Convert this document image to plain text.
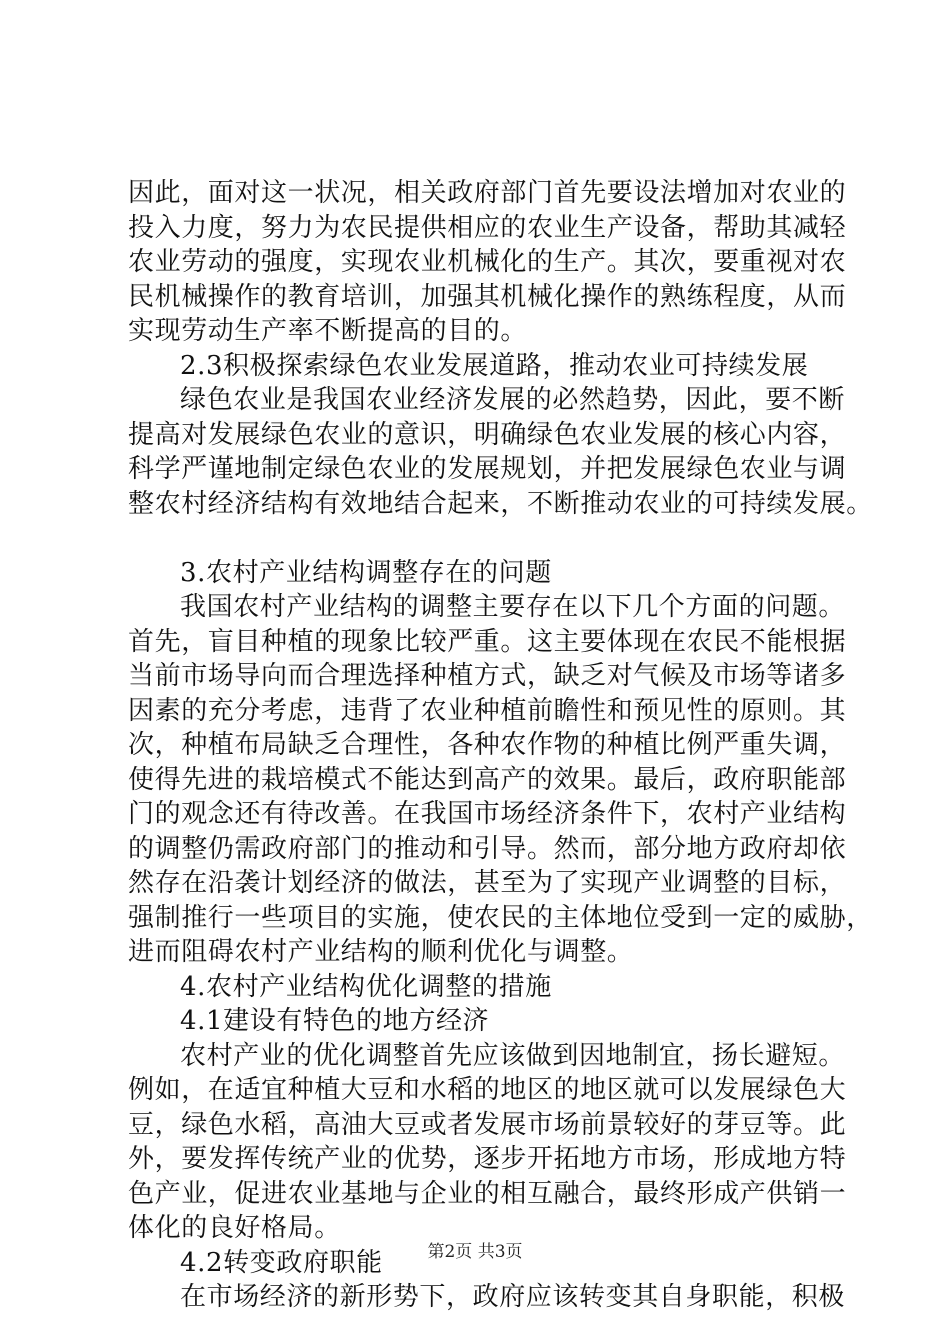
因此，面对这一状况，相关政府部门首先要设法增加对农业的
投入力度，努力为农民提供相应的农业生产设备，帮助其减轻
农业劳动的强度，实现农业机械化的生产。其次，要重视对农
民机械操作的教育培训，加强其机械化操作的熟练程度，从而
实现劳动生产率不断提高的目的。
2.3积极探索绿色农业发展道路，推动农业可持续发展
绿色农业是我国农业经济发展的必然趋势，因此，要不断
提高对发展绿色农业的意识，明确绿色农业发展的核心内容，
科学严谨地制定绿色农业的发展规划，并把发展绿色农业与调
整农村经济结构有效地结合起来，不断推动农业的可持续发展。
3.农村产业结构调整存在的问题
我国农村产业结构的调整主要存在以下几个方面的问题。
首先，盲目种植的现象比较严重。这主要体现在农民不能根据
当前市场导向而合理选择种植方式，缺乏对气候及市场等诸多
因素的充分考虑，违背了农业种植前瞻性和预见性的原则。其
次，种植布局缺乏合理性，各种农作物的种植比例严重失调，
使得先进的栽培模式不能达到高产的效果。最后，政府职能部
门的观念还有待改善。在我国市场经济条件下，农村产业结构
的调整仍需政府部门的推动和引导。然而，部分地方政府却依
然存在沿袭计划经济的做法，甚至为了实现产业调整的目标，
强制推行一些项目的实施，使农民的主体地位受到一定的威胁，
进而阻碍农村产业结构的顺利优化与调整。
4.农村产业结构优化调整的措施
4.1建设有特色的地方经济
农村产业的优化调整首先应该做到因地制宜，扬长避短。
例如，在适宜种植大豆和水稻的地区的地区就可以发展绿色大
豆，绿色水稻，高油大豆或者发展市场前景较好的芽豆等。此
外，要发挥传统产业的优势，逐步开拓地方市场，形成地方特
色产业，促进农业基地与企业的相互融合，最终形成产供销一
体化的良好格局。
4.2转变政府职能
在市场经济的新形势下，政府应该转变其自身职能，积极
第2页 共3页
